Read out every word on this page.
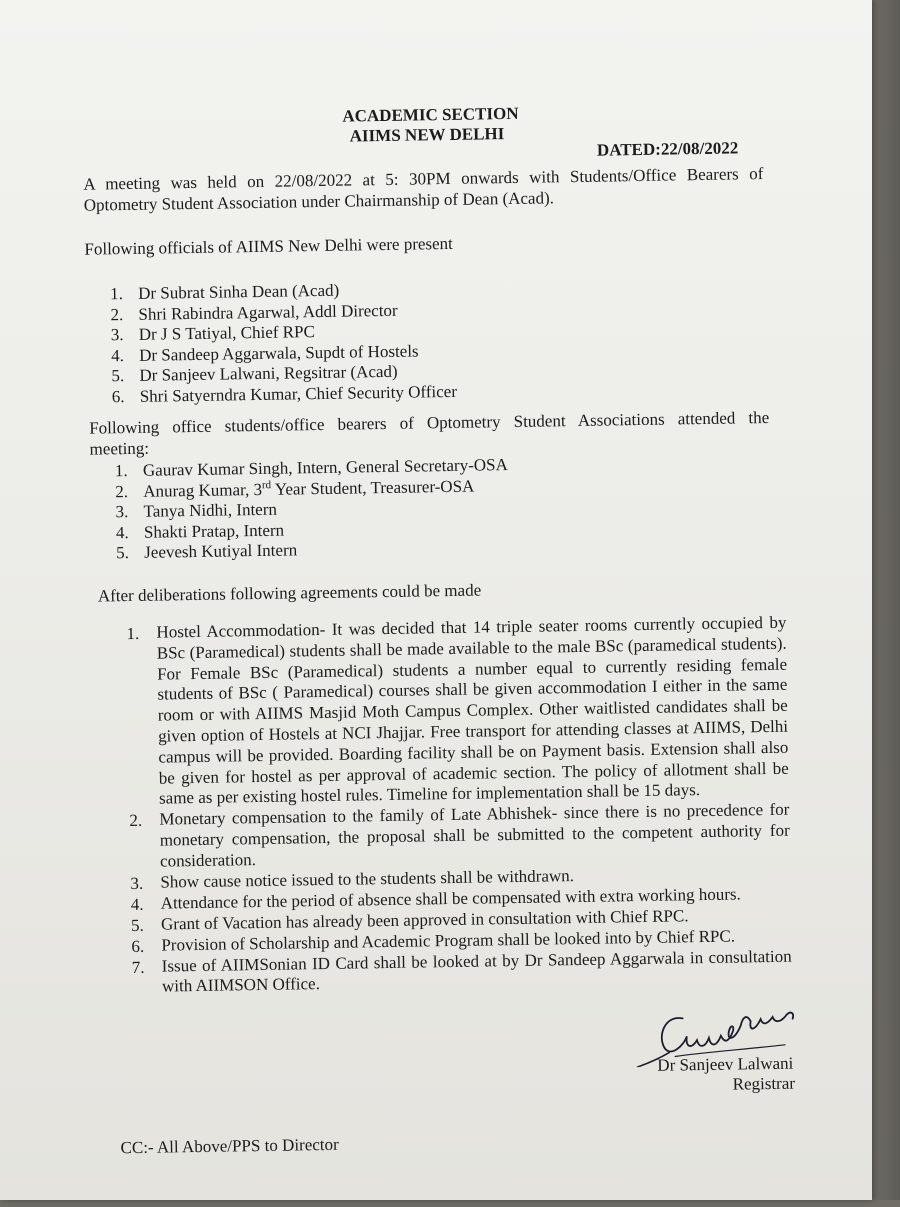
ACADEMIC SECTION
AIIMS NEW DELHI
DATED:22/08/2022

A meeting was held on 22/08/2022 at 5: 30PM onwards with Students/Office Bearers of
Optometry Student Association under Chairmanship of Dean (Acad).

Following officials of AIIMS New Delhi were present

1. Dr Subrat Sinha Dean (Acad)
2. Shri Rabindra Agarwal, Addl Director
3. Dr J S Tatiyal, Chief RPC
4. Dr Sandeep Aggarwala, Supdt of Hostels
5. Dr Sanjeev Lalwani, Regsitrar (Acad)
6. Shri Satyerndra Kumar, Chief Security Officer

Following office students/office bearers of Optometry Student Associations attended the
meeting:

1. Gaurav Kumar Singh, Intern, General Secretary-OSA
2. Anurag Kumar, 3rd Year Student, Treasurer-OSA
3. Tanya Nidhi, Intern
4. Shakti Pratap, Intern
5. Jeevesh Kutiyal Intern

After deliberations following agreements could be made

1. Hostel Accommodation- It was decided that 14 triple seater rooms currently occupied by BSc (Paramedical) students shall be made available to the male BSc (paramedical students). For Female BSc (Paramedical) students a number equal to currently residing female students of BSc ( Paramedical) courses shall be given accommodation I either in the same room or with AIIMS Masjid Moth Campus Complex. Other waitlisted candidates shall be given option of Hostels at NCI Jhajjar. Free transport for attending classes at AIIMS, Delhi campus will be provided. Boarding facility shall be on Payment basis. Extension shall also be given for hostel as per approval of academic section. The policy of allotment shall be same as per existing hostel rules. Timeline for implementation shall be 15 days.
2. Monetary compensation to the family of Late Abhishek- since there is no precedence for monetary compensation, the proposal shall be submitted to the competent authority for consideration.
3. Show cause notice issued to the students shall be withdrawn.
4. Attendance for the period of absence shall be compensated with extra working hours.
5. Grant of Vacation has already been approved in consultation with Chief RPC.
6. Provision of Scholarship and Academic Program shall be looked into by Chief RPC.
7. Issue of AIIMSonian ID Card shall be looked at by Dr Sandeep Aggarwala in consultation with AIIMSON Office.
Dr Sanjeev Lalwani
Registrar
CC:- All Above/PPS to Director
